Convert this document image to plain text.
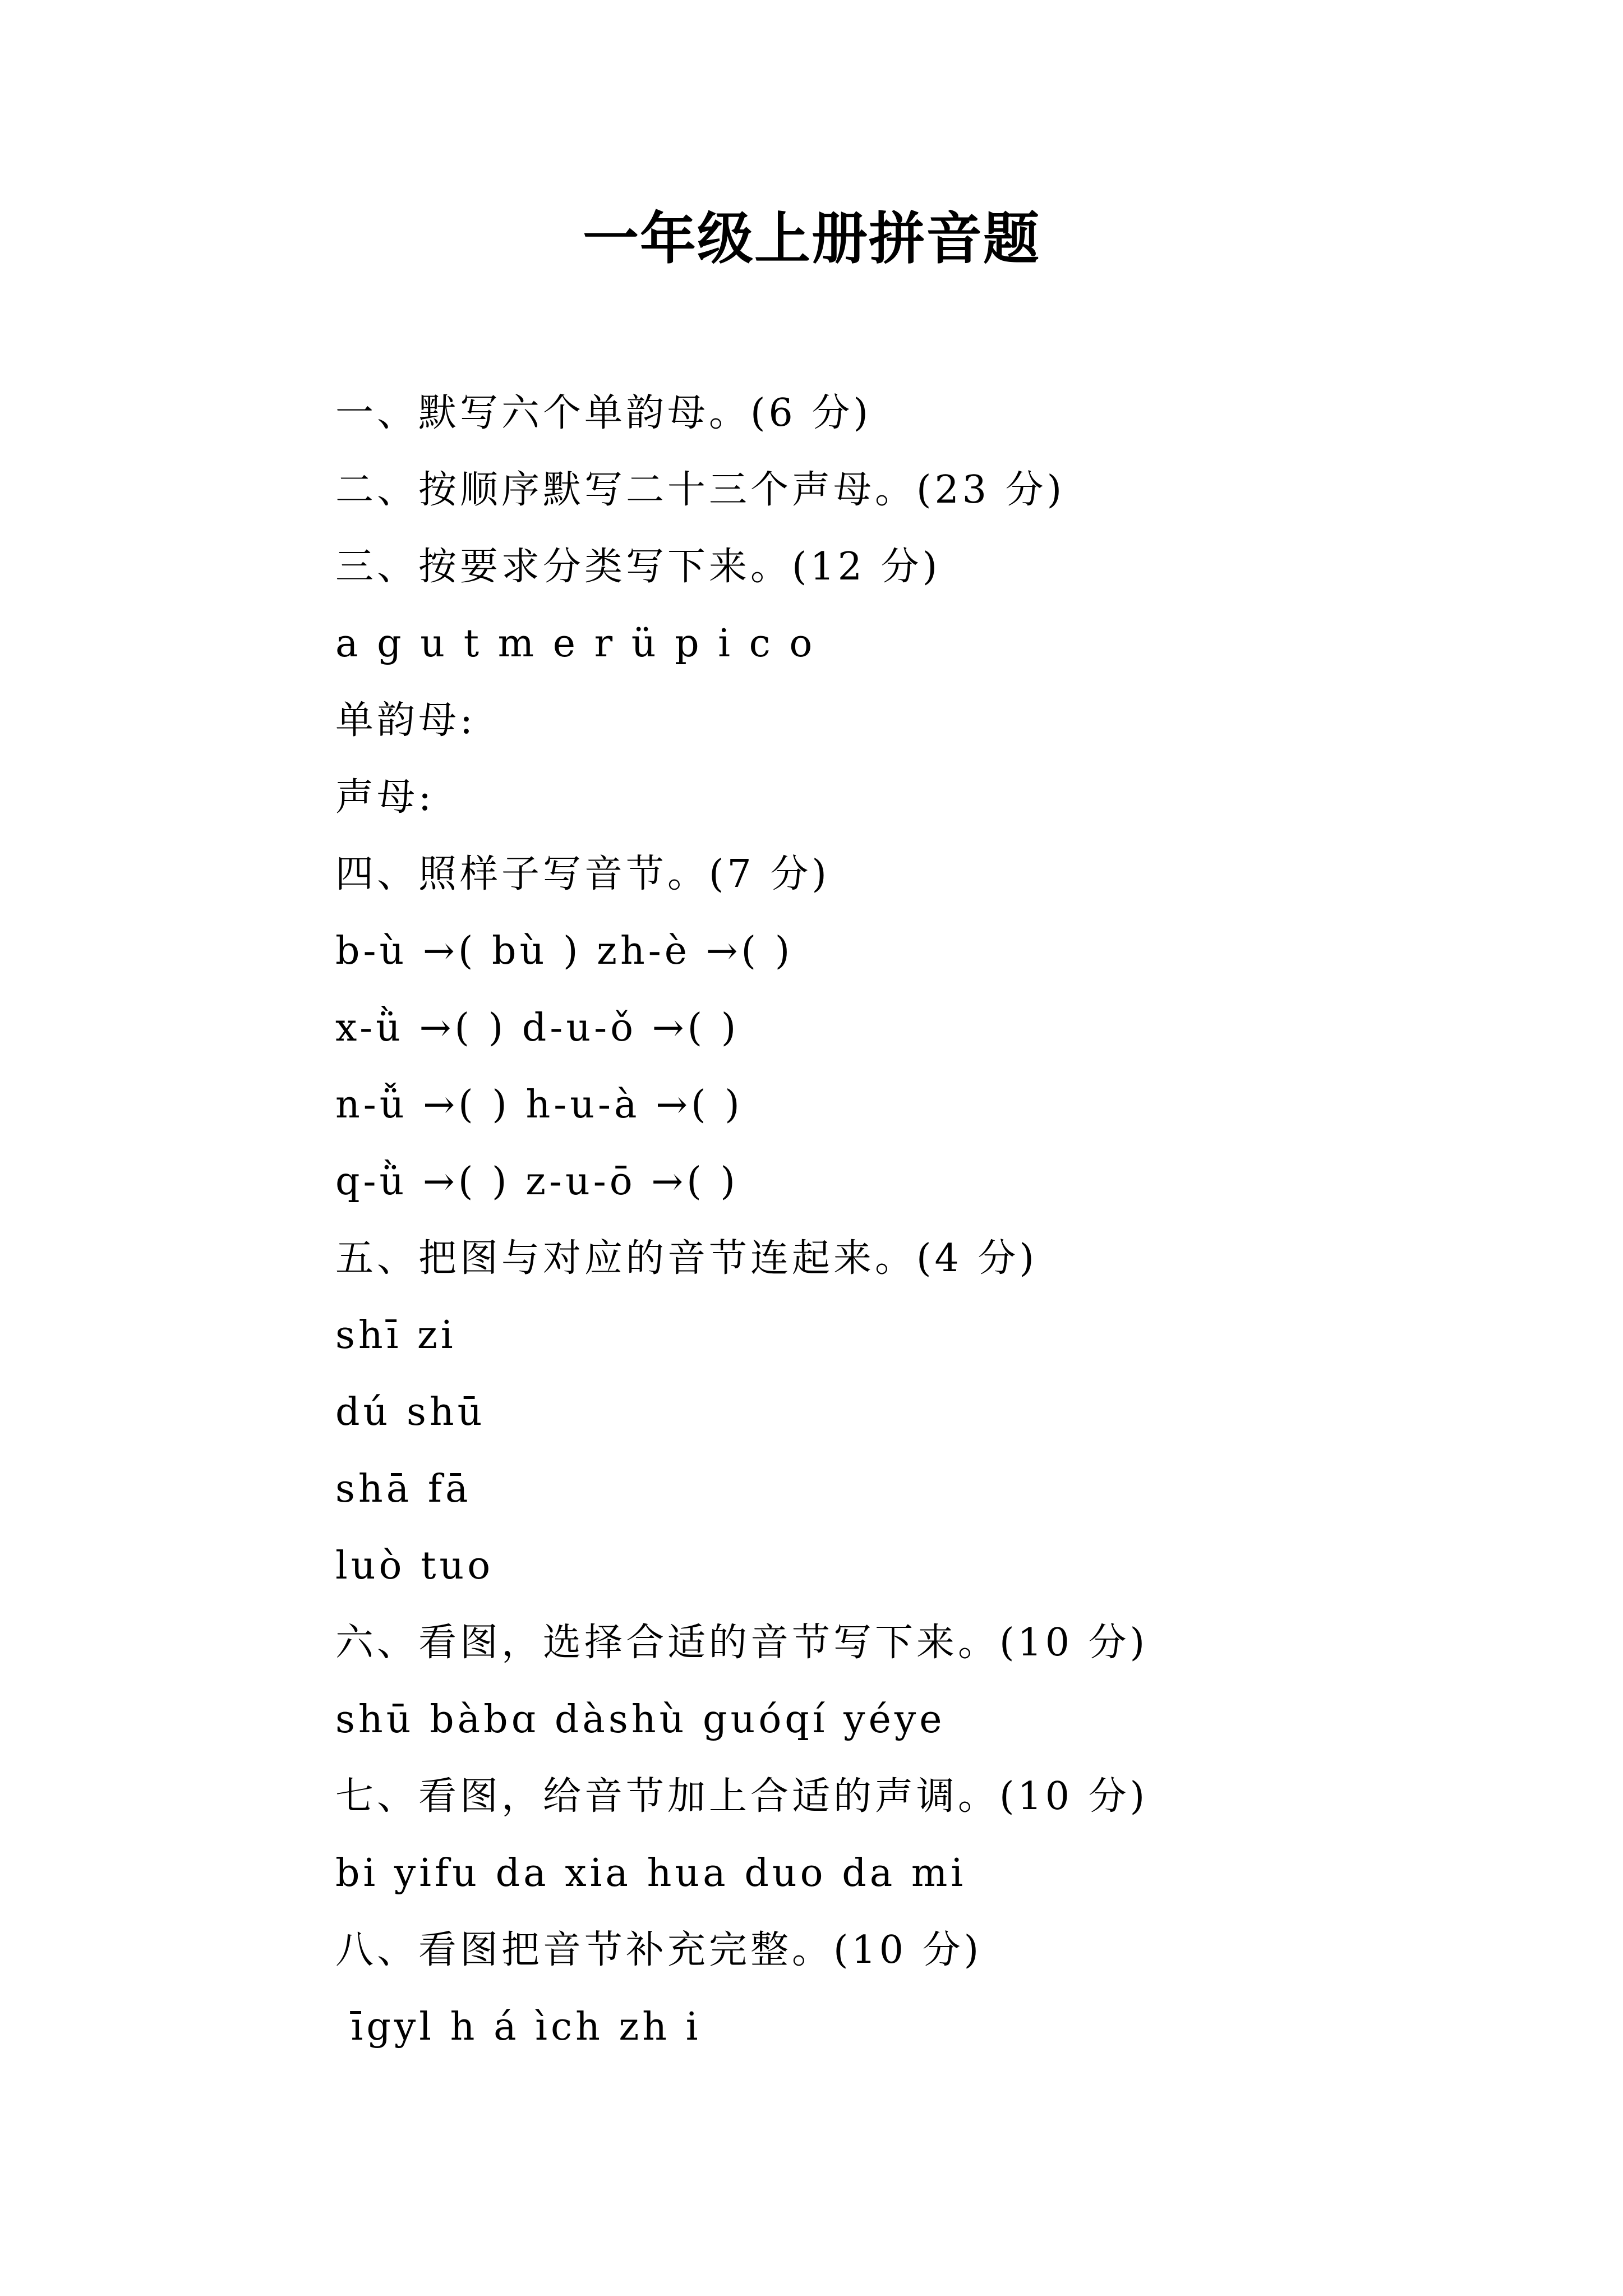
一年级上册拼音题
一、默写六个单韵母。(6 分)
二、按顺序默写二十三个声母。(23 分)
三、按要求分类写下来。(12 分)
a g u t m e r ü p i c o
单韵母:
声母:
四、照样子写音节。(7 分)
b-ù →( bù ) zh-è →( )
x-ǜ →( ) d-u-ǒ →( )
n-ǚ →( ) h-u-à →( )
q-ǜ →( ) z-u-ō →( )
五、把图与对应的音节连起来。(4 分)
shī zi
dú shū
shā fā
luò tuo
六、看图，选择合适的音节写下来。(10 分)
shū bàbɑ dàshù guóqí yéye
七、看图，给音节加上合适的声调。(10 分)
bi yifu da xia hua duo da mi
八、看图把音节补充完整。(10 分)
īgyl h á ìch zh i
